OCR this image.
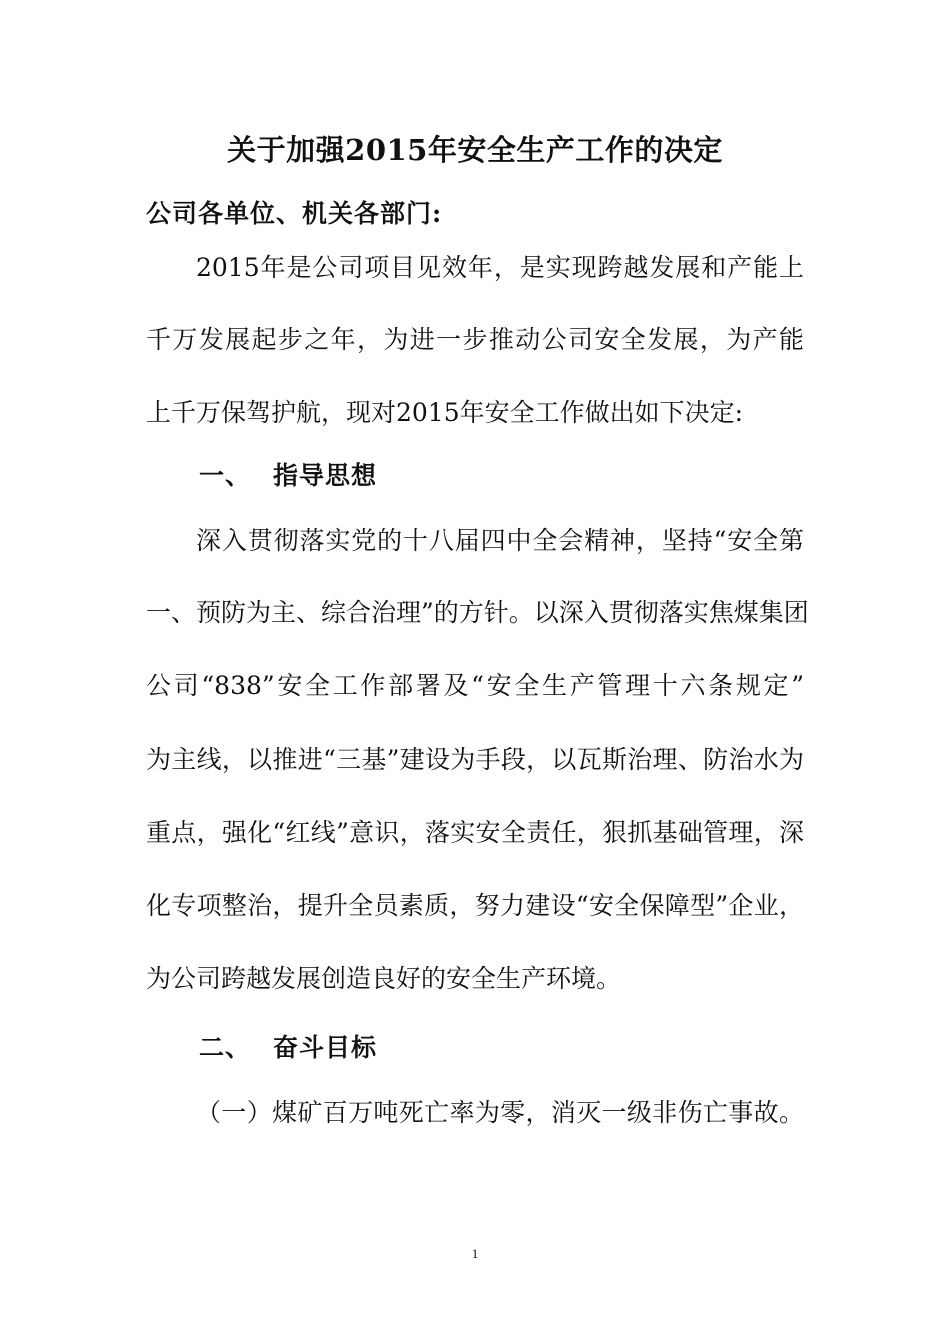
关于加强2015年安全生产工作的决定
公司各单位、机关各部门:
2015年是公司项目见效年，是实现跨越发展和产能上
千万发展起步之年，为进一步推动公司安全发展，为产能
上千万保驾护航，现对2015年安全工作做出如下决定:
一、 指导思想
深入贯彻落实党的十八届四中全会精神，坚持“安全第
一、预防为主、综合治理”的方针。以深入贯彻落实焦煤集团
公司“838”安全工作部署及“安全生产管理十六条规定”
为主线，以推进“三基”建设为手段，以瓦斯治理、防治水为
重点，强化“红线”意识，落实安全责任，狠抓基础管理，深
化专项整治，提升全员素质，努力建设“安全保障型”企业，
为公司跨越发展创造良好的安全生产环境。
二、 奋斗目标
（一）煤矿百万吨死亡率为零，消灭一级非伤亡事故。
1
